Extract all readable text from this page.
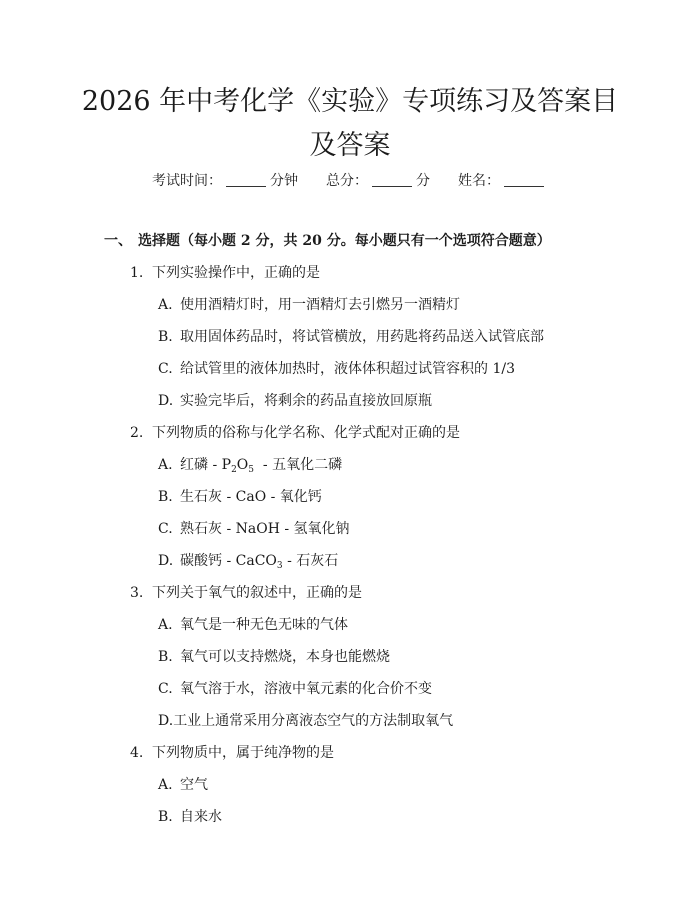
2026 年中考化学《实验》专项练习及答案目
及答案
考试时间：	分钟 总分：	分 姓名：
一、 选择题（每小题 2 分，共 20 分。每小题只有一个选项符合题意）
1. 下列实验操作中，正确的是
A. 使用酒精灯时，用一酒精灯去引燃另一酒精灯
B. 取用固体药品时，将试管横放，用药匙将药品送入试管底部
C. 给试管里的液体加热时，液体体积超过试管容积的 1/3
D. 实验完毕后，将剩余的药品直接放回原瓶
2. 下列物质的俗称与化学名称、化学式配对正确的是
A. 红磷 - $P_2O_5$  - 五氧化二磷
B. 生石灰 - CaO - 氧化钙
C. 熟石灰 - NaOH - 氢氧化钠
D. 碳酸钙 - CaCO$_3$ - 石灰石
3. 下列关于氧气的叙述中，正确的是
A. 氧气是一种无色无味的气体
B. 氧气可以支持燃烧，本身也能燃烧
C. 氧气溶于水，溶液中氧元素的化合价不变
D.工业上通常采用分离液态空气的方法制取氧气
4. 下列物质中，属于纯净物的是
A. 空气
B. 自来水
